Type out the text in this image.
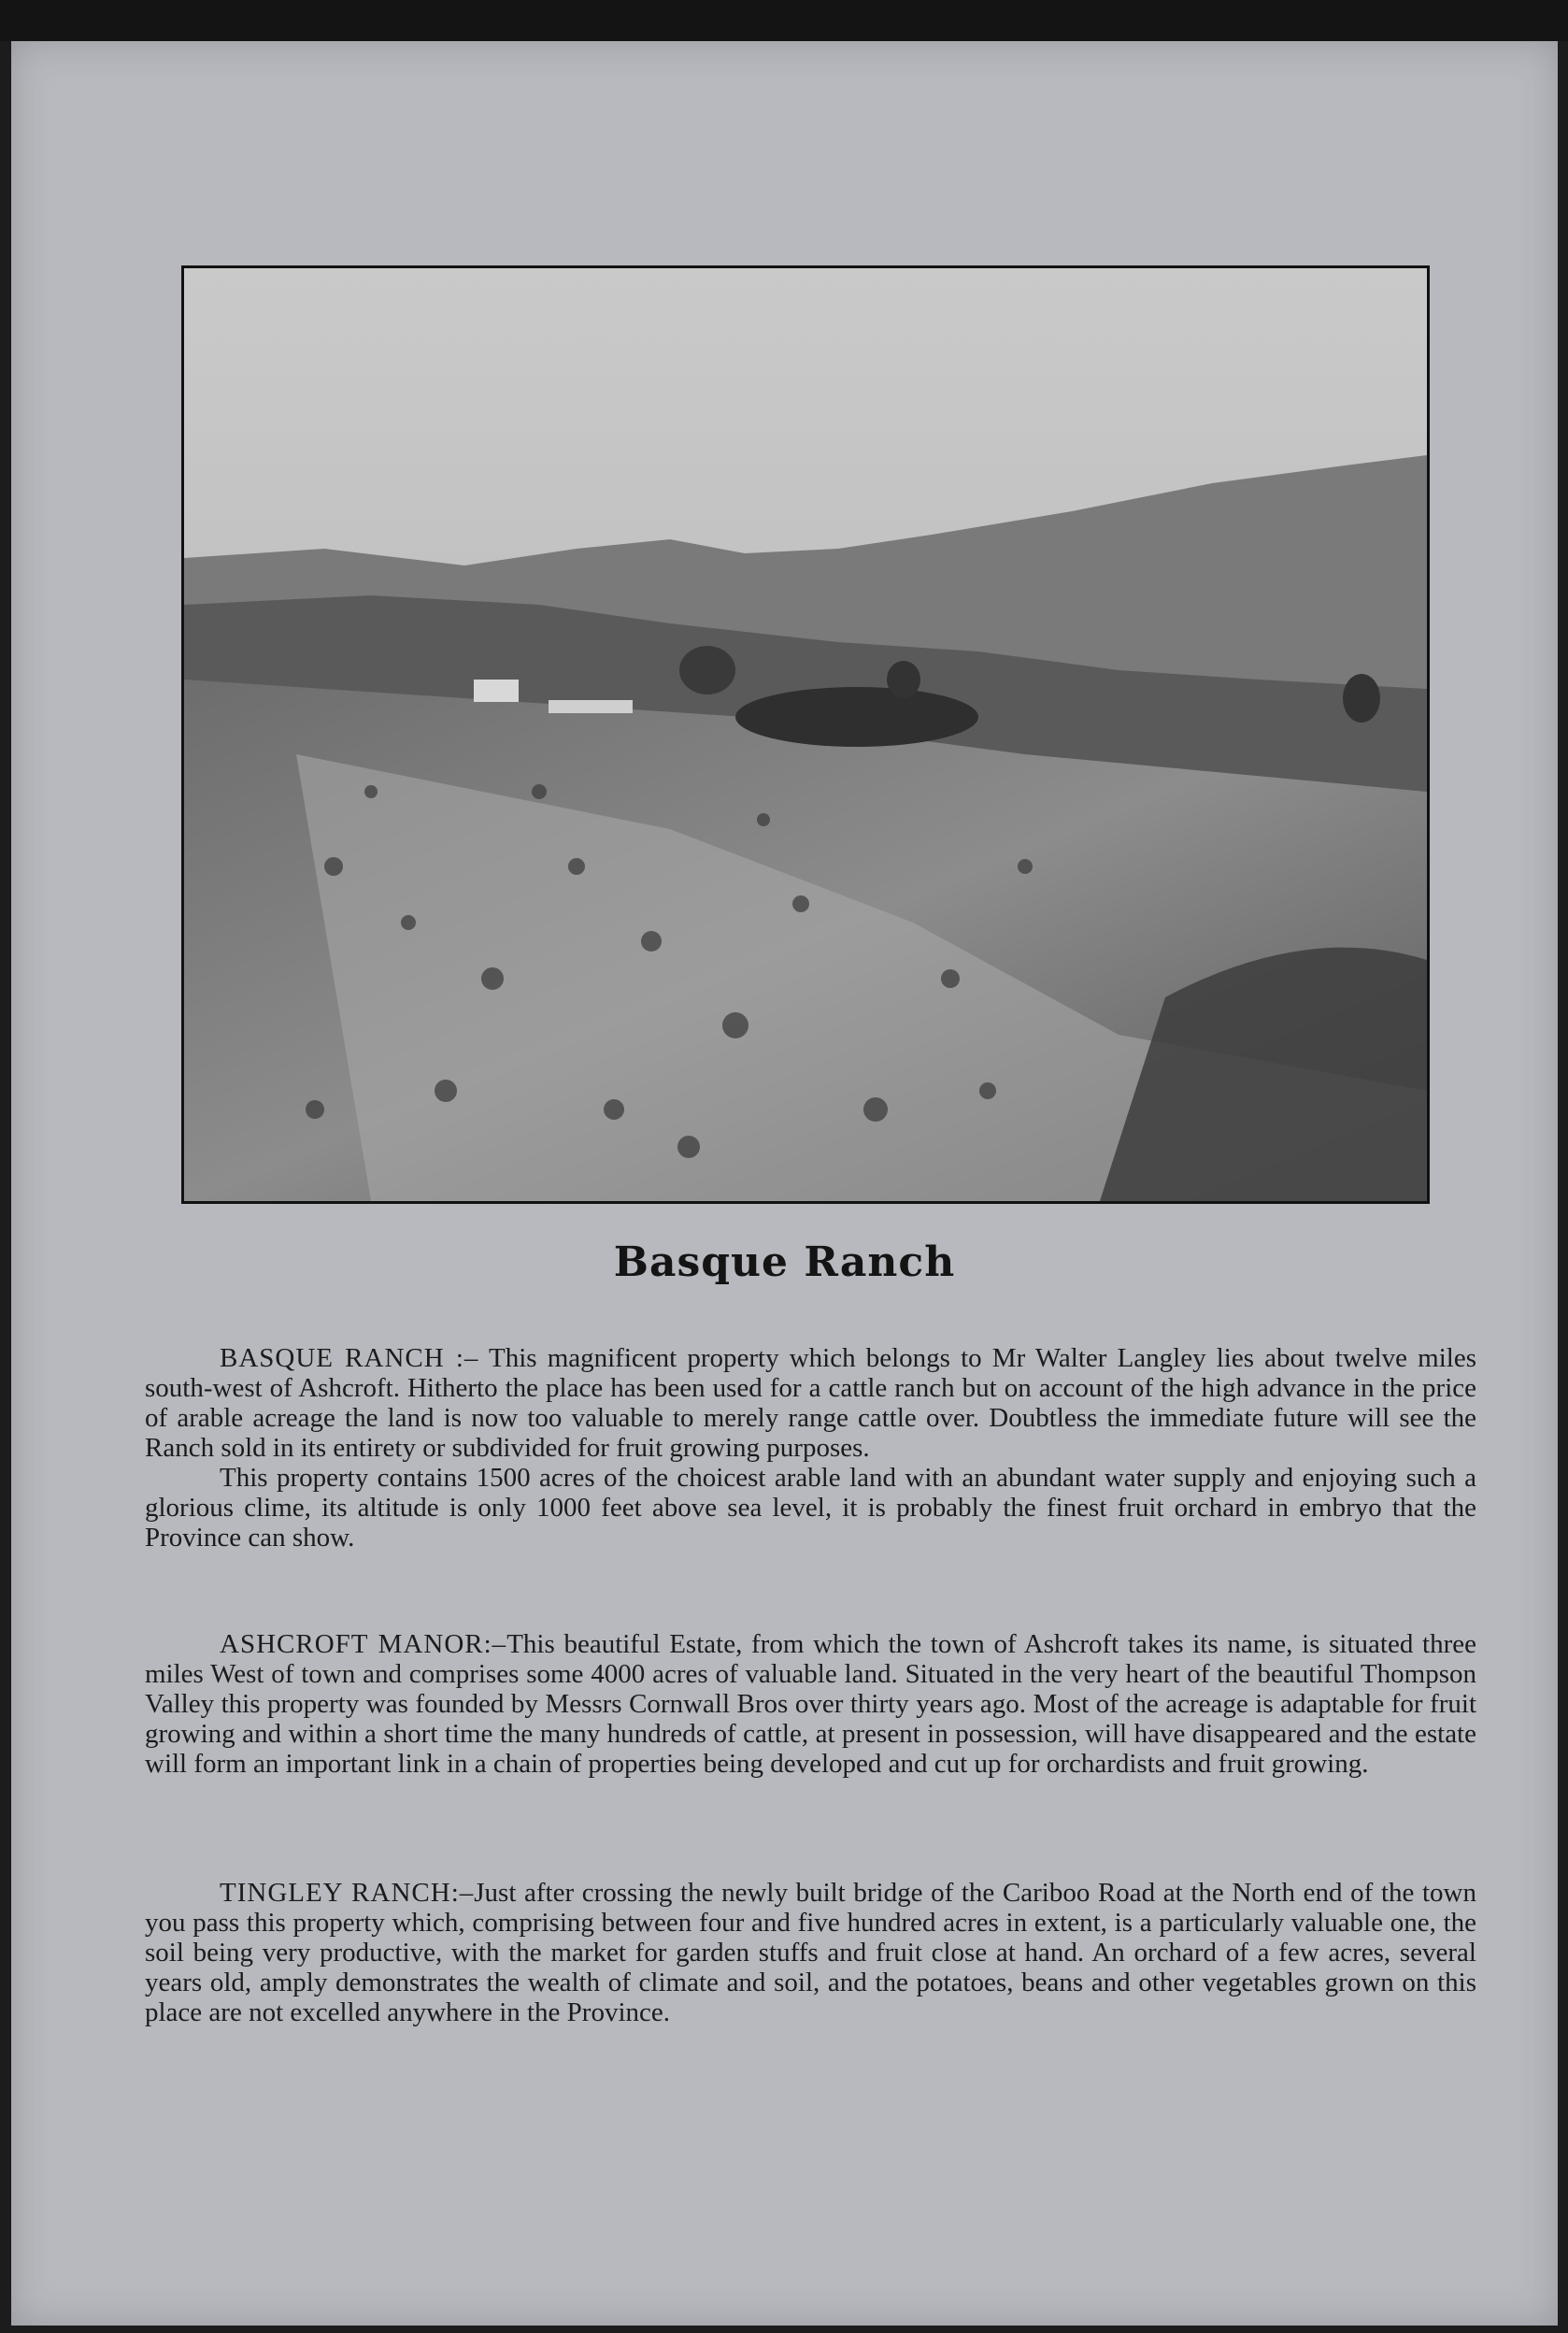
Basque Ranch

BASQUE RANCH :– This magnificent property which belongs to Mr Walter Langley lies about twelve miles south-west of Ashcroft. Hitherto the place has been used for a cattle ranch but on account of the high advance in the price of arable acreage the land is now too valuable to merely range cattle over. Doubtless the immediate future will see the Ranch sold in its entirety or subdivided for fruit growing purposes.

This property contains 1500 acres of the choicest arable land with an abundant water supply and enjoying such a glorious clime, its altitude is only 1000 feet above sea level, it is probably the finest fruit orchard in embryo that the Province can show.

ASHCROFT MANOR:–This beautiful Estate, from which the town of Ashcroft takes its name, is situated three miles West of town and comprises some 4000 acres of valuable land. Situated in the very heart of the beautiful Thompson Valley this property was founded by Messrs Cornwall Bros over thirty years ago. Most of the acreage is adaptable for fruit growing and within a short time the many hundreds of cattle, at present in possession, will have disappeared and the estate will form an important link in a chain of properties being developed and cut up for orchardists and fruit growing.

TINGLEY RANCH:–Just after crossing the newly built bridge of the Cariboo Road at the North end of the town you pass this property which, comprising between four and five hundred acres in extent, is a particularly valuable one, the soil being very productive, with the market for garden stuffs and fruit close at hand. An orchard of a few acres, several years old, amply demonstrates the wealth of climate and soil, and the potatoes, beans and other vegetables grown on this place are not excelled anywhere in the Province.
